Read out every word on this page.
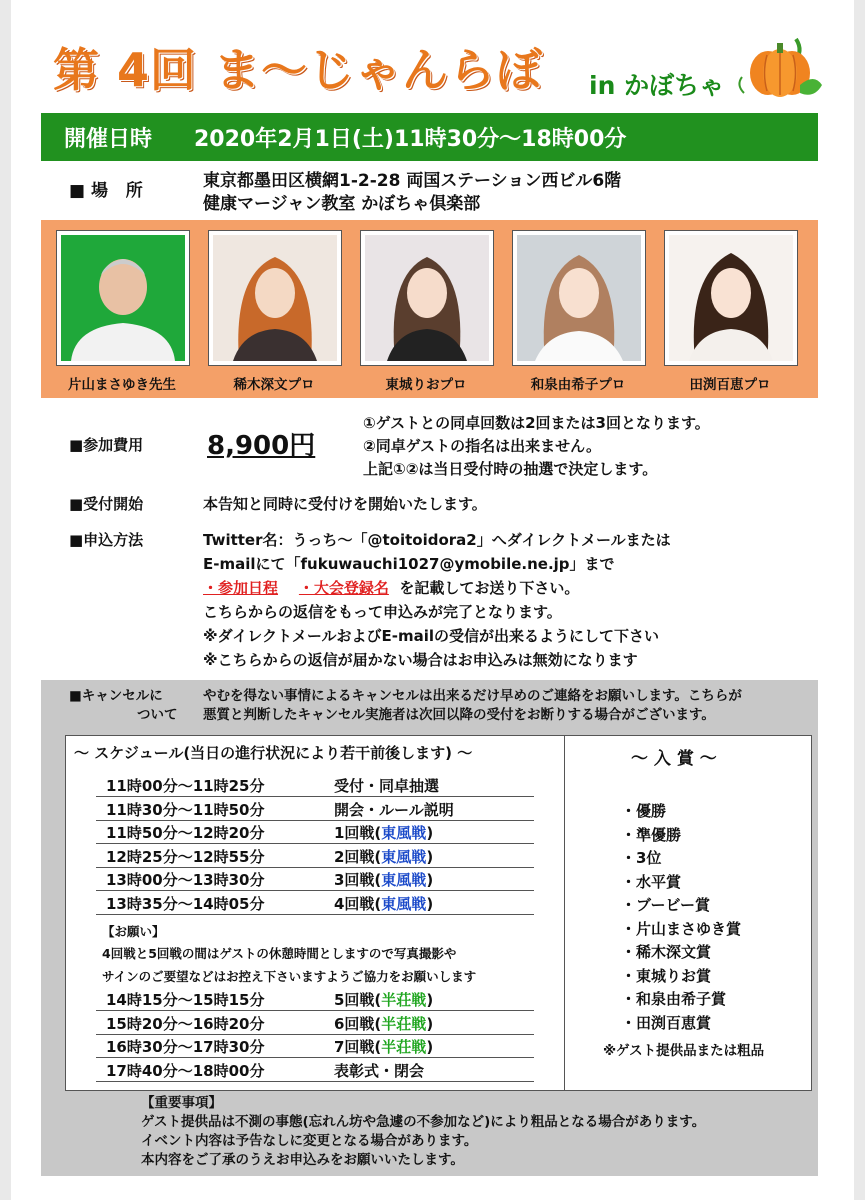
第 4回 ま〜じゃんらぼ in かぼちゃ
開催日時	2020年2月1日(土)11時30分〜18時00分
■ 場   所	東京都墨田区横網1-2-28 両国ステーション西ビル6階
健康マージャン教室 かぼちゃ倶楽部
片山まさゆき先生	稀木深文プロ	東城りおプロ	和泉由希子プロ	田渕百恵プロ
■参加費用 8,900円
①ゲストとの同卓回数は2回または3回となります。
②同卓ゲストの指名は出来ません。
上記①②は当日受付時の抽選で決定します。
■受付開始	本告知と同時に受付けを開始いたします。
■申込方法	Twitter名：うっち〜「@toitoidora2」へダイレクトメールまたは
E-mailにて「fukuwauchi1027@ymobile.ne.jp」まで
・参加日程 ・大会登録名 を記載してお送り下さい。
こちらからの返信をもって申込みが完了となります。
※ダイレクトメールおよびE-mailの受信が出来るようにして下さい
※こちらからの返信が届かない場合はお申込みは無効になります
■キャンセルに
ついて
やむを得ない事情によるキャンセルは出来るだけ早めのご連絡をお願いします。こちらが
悪質と判断したキャンセル実施者は次回以降の受付をお断りする場合がございます。
〜 スケジュール(当日の進行状況により若干前後します) 〜
11時00分〜11時25分	受付・同卓抽選
11時30分〜11時50分	開会・ルール説明
11時50分〜12時20分	1回戦(東風戦)
12時25分〜12時55分	2回戦(東風戦)
13時00分〜13時30分	3回戦(東風戦)
13時35分〜14時05分	4回戦(東風戦)
【お願い】
4回戦と5回戦の間はゲストの休憩時間としますので写真撮影や
サインのご要望などはお控え下さいますようご協力をお願いします
14時15分〜15時15分	5回戦(半荘戦)
15時20分〜16時20分	6回戦(半荘戦)
16時30分〜17時30分	7回戦(半荘戦)
17時40分〜18時00分	表彰式・閉会
〜 入 賞 〜
・優勝
・準優勝
・3位
・水平賞
・ブービー賞
・片山まさゆき賞
・稀木深文賞
・東城りお賞
・和泉由希子賞
・田渕百恵賞
※ゲスト提供品または粗品
【重要事項】
ゲスト提供品は不測の事態(忘れん坊や急遽の不参加など)により粗品となる場合があります。
イベント内容は予告なしに変更となる場合があります。
本内容をご了承のうえお申込みをお願いいたします。
